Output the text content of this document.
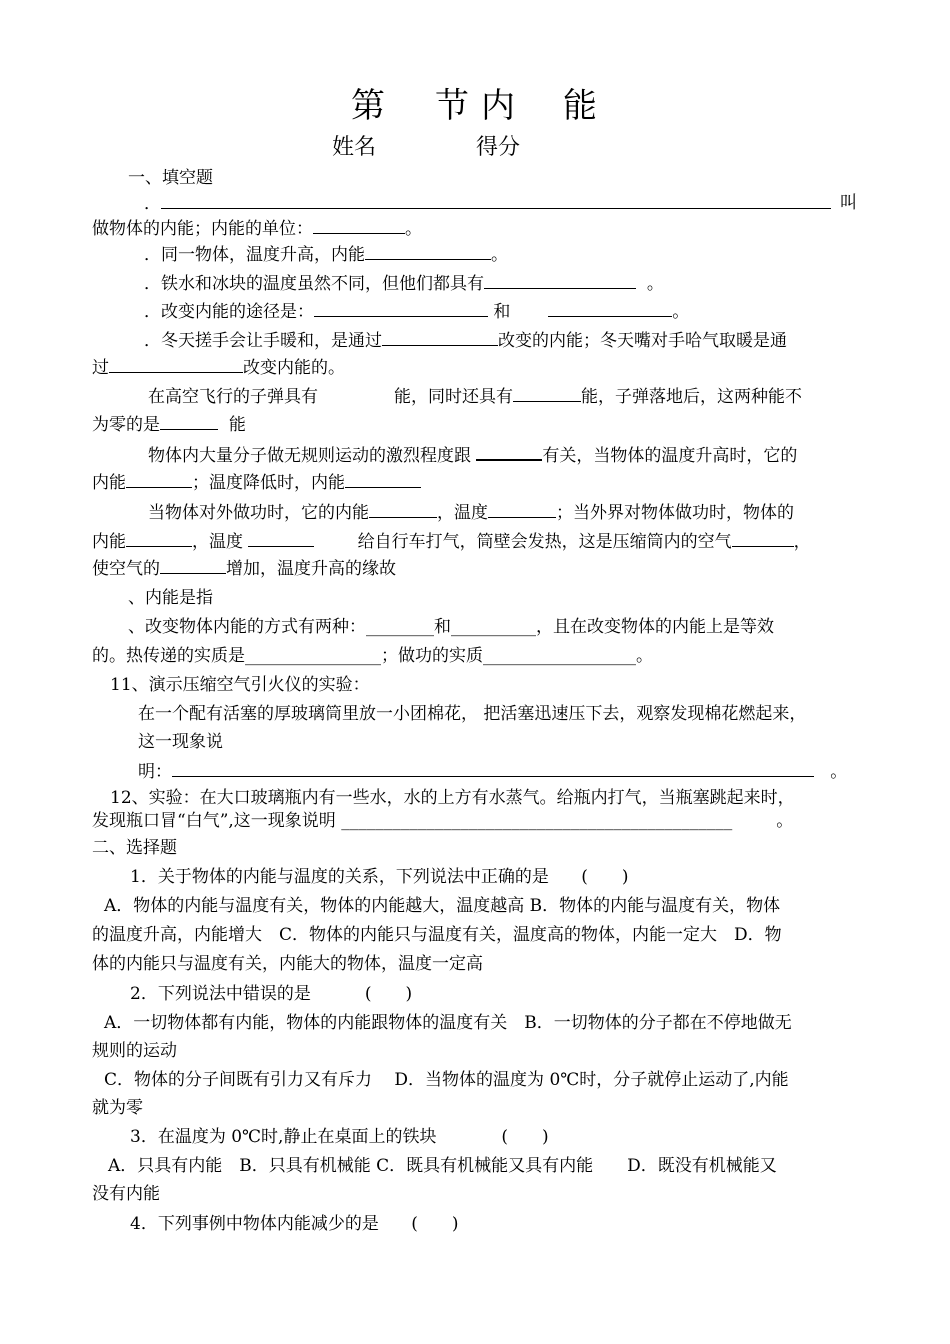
第 节 内 能
姓名	得分
一、填空题
．	叫
做物体的内能；内能的单位：	。
．同一物体，温度升高，内能	。
．铁水和冰块的温度虽然不同，但他们都具有	。
．改变内能的途径是：	和	。
．冬天搓手会让手暖和，是通过	改变的内能；冬天嘴对手哈气取暖是通
过	改变内能的。
在高空飞行的子弹具有	能，同时还具有	能，子弹落地后，这两种能不
为零的是	能
物体内大量分子做无规则运动的激烈程度跟	有关，当物体的温度升高时，它的
内能	；温度降低时，内能
当物体对外做功时，它的内能	，温度	；当外界对物体做功时，物体的
内能	，温度	给自行车打气，筒壁会发热，这是压缩筒内的空气	，
使空气的	增加，温度升高的缘故
、内能是指
、改变物体内能的方式有两种：________和__________，且在改变物体的内能上是等效
的。热传递的实质是________________；做功的实质__________________。
11、演示压缩空气引火仪的实验：
在一个配有活塞的厚玻璃筒里放一小团棉花， 把活塞迅速压下去，观察发现棉花燃起来，
这一现象说
明：	。
12、实验：在大口玻璃瓶内有一些水，水的上方有水蒸气。给瓶内打气，当瓶塞跳起来时，
发现瓶口冒“白气”,这一现象说明 ______________________________________________	。
二、选择题
1．关于物体的内能与温度的关系，下列说法中正确的是 (　　)
A．物体的内能与温度有关，物体的内能越大，温度越高 B．物体的内能与温度有关，物体
的温度升高，内能增大　C．物体的内能只与温度有关，温度高的物体，内能一定大　D．物
体的内能只与温度有关，内能大的物体，温度一定高
2．下列说法中错误的是	(　　)
A．一切物体都有内能，物体的内能跟物体的温度有关　B．一切物体的分子都在不停地做无
规则的运动
C．物体的分子间既有引力又有斥力　 D．当物体的温度为 0℃时，分子就停止运动了,内能
就为零
3．在温度为 0℃时,静止在桌面上的铁块	(　　)
A．只具有内能　B．只具有机械能 C．既具有机械能又具有内能　　D．既没有机械能又
没有内能
4．下列事例中物体内能减少的是 (　　)
